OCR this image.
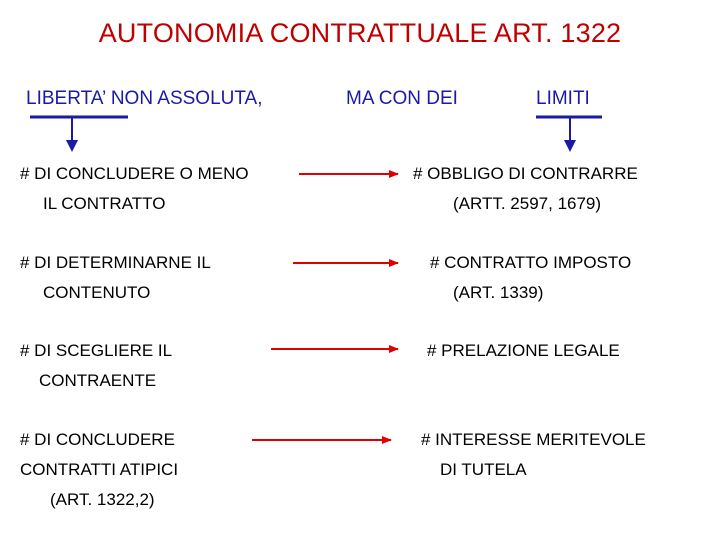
AUTONOMIA CONTRATTUALE ART. 1322
LIBERTA’ NON ASSOLUTA,	MA CON DEI	LIMITI
# DI CONCLUDERE O MENO
IL CONTRATTO
# DI DETERMINARNE IL
CONTENUTO
# DI SCEGLIERE IL
CONTRAENTE
# DI CONCLUDERE
CONTRATTI ATIPICI
(ART. 1322,2)
# OBBLIGO DI CONTRARRE
(ARTT. 2597, 1679)
# CONTRATTO IMPOSTO
(ART. 1339)
# PRELAZIONE LEGALE
# INTERESSE MERITEVOLE
DI TUTELA
